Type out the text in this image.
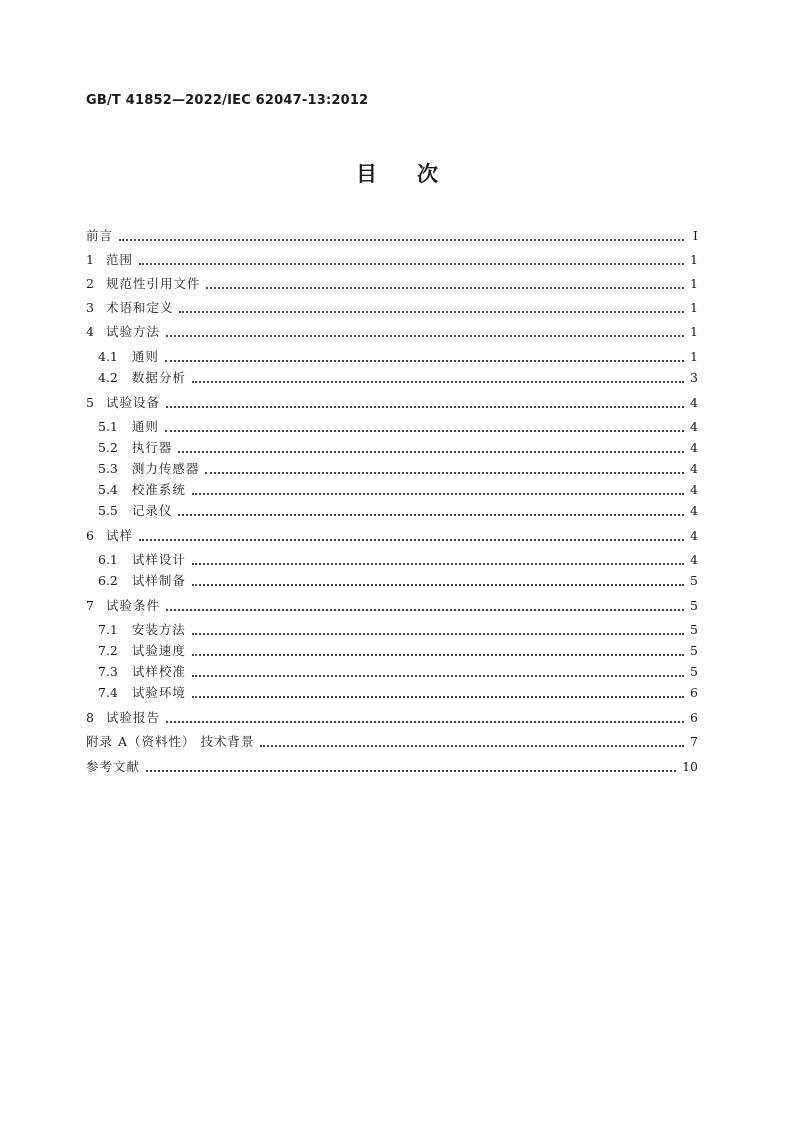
GB/T 41852—2022/IEC 62047-13:2012
目次
前言	I
1 范围	1
2 规范性引用文件	1
3 术语和定义	1
4 试验方法	1
4.1 通则	1
4.2 数据分析	3
5 试验设备	4
5.1 通则	4
5.2 执行器	4
5.3 测力传感器	4
5.4 校准系统	4
5.5 记录仪	4
6 试样	4
6.1 试样设计	4
6.2 试样制备	5
7 试验条件	5
7.1 安装方法	5
7.2 试验速度	5
7.3 试样校准	5
7.4 试验环境	6
8 试验报告	6
附录 A（资料性） 技术背景	7
参考文献	10
